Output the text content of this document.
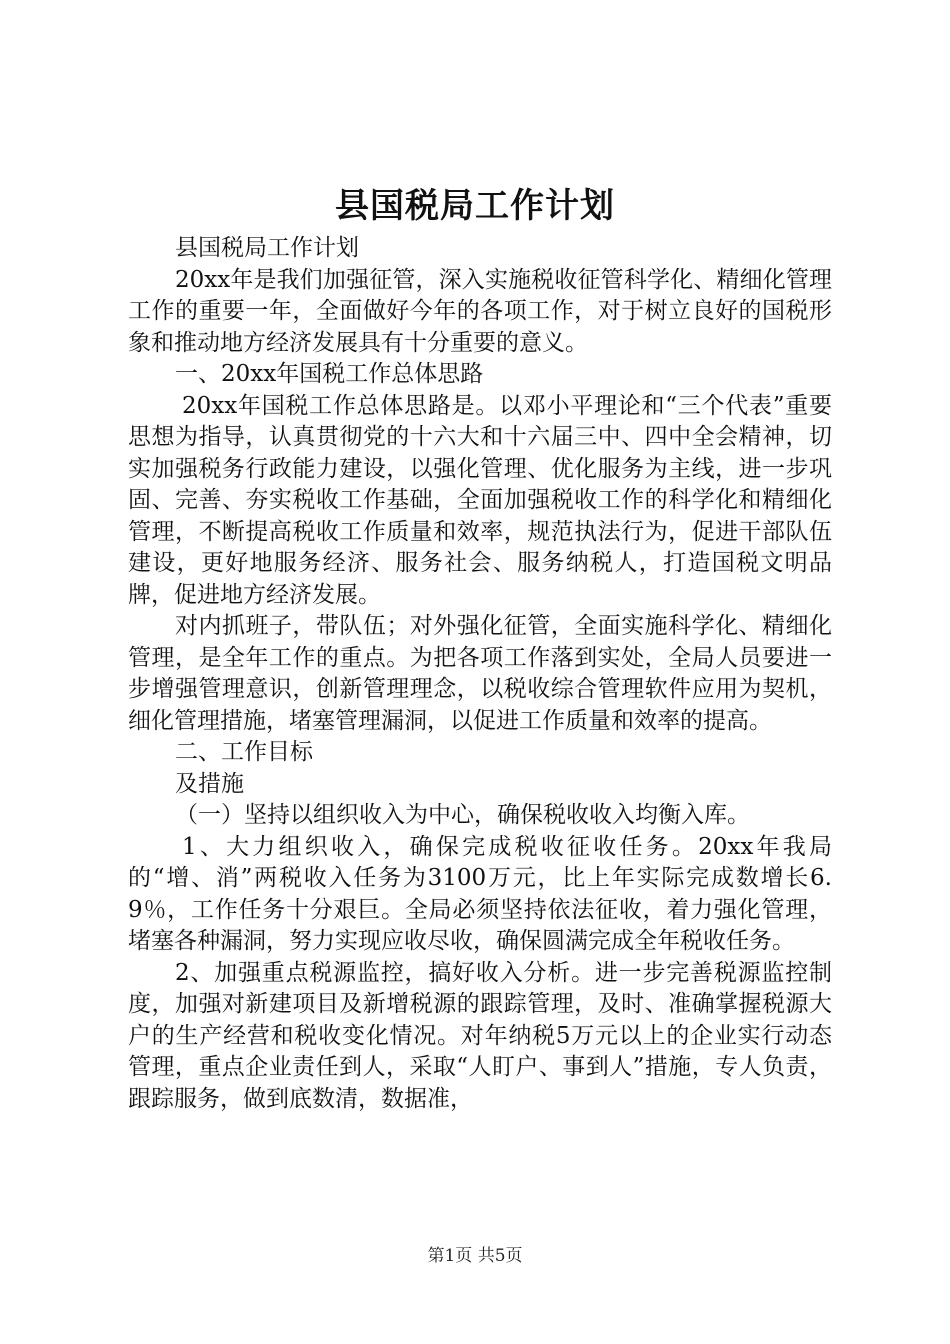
县国税局工作计划

县国税局工作计划

20xx年是我们加强征管，深入实施税收征管科学化、精细化管理工作的重要一年，全面做好今年的各项工作，对于树立良好的国税形象和推动地方经济发展具有十分重要的意义。

一、20xx年国税工作总体思路

20xx年国税工作总体思路是。以邓小平理论和“三个代表”重要思想为指导，认真贯彻党的十六大和十六届三中、四中全会精神，切实加强税务行政能力建设，以强化管理、优化服务为主线，进一步巩固、完善、夯实税收工作基础，全面加强税收工作的科学化和精细化管理，不断提高税收工作质量和效率，规范执法行为，促进干部队伍建设，更好地服务经济、服务社会、服务纳税人，打造国税文明品牌，促进地方经济发展。

对内抓班子，带队伍；对外强化征管，全面实施科学化、精细化管理，是全年工作的重点。为把各项工作落到实处，全局人员要进一步增强管理意识，创新管理理念，以税收综合管理软件应用为契机，细化管理措施，堵塞管理漏洞，以促进工作质量和效率的提高。

二、工作目标

及措施

（一）坚持以组织收入为中心，确保税收收入均衡入库。

1、大力组织收入，确保完成税收征收任务。20xx年我局的“增、消”两税收入任务为3100万元，比上年实际完成数增长6.9％，工作任务十分艰巨。全局必须坚持依法征收，着力强化管理，堵塞各种漏洞，努力实现应收尽收，确保圆满完成全年税收任务。

2、加强重点税源监控，搞好收入分析。进一步完善税源监控制度，加强对新建项目及新增税源的跟踪管理，及时、准确掌握税源大户的生产经营和税收变化情况。对年纳税5万元以上的企业实行动态管理，重点企业责任到人，采取“人盯户、事到人”措施，专人负责，跟踪服务，做到底数清，数据准，

第1页 共5页
